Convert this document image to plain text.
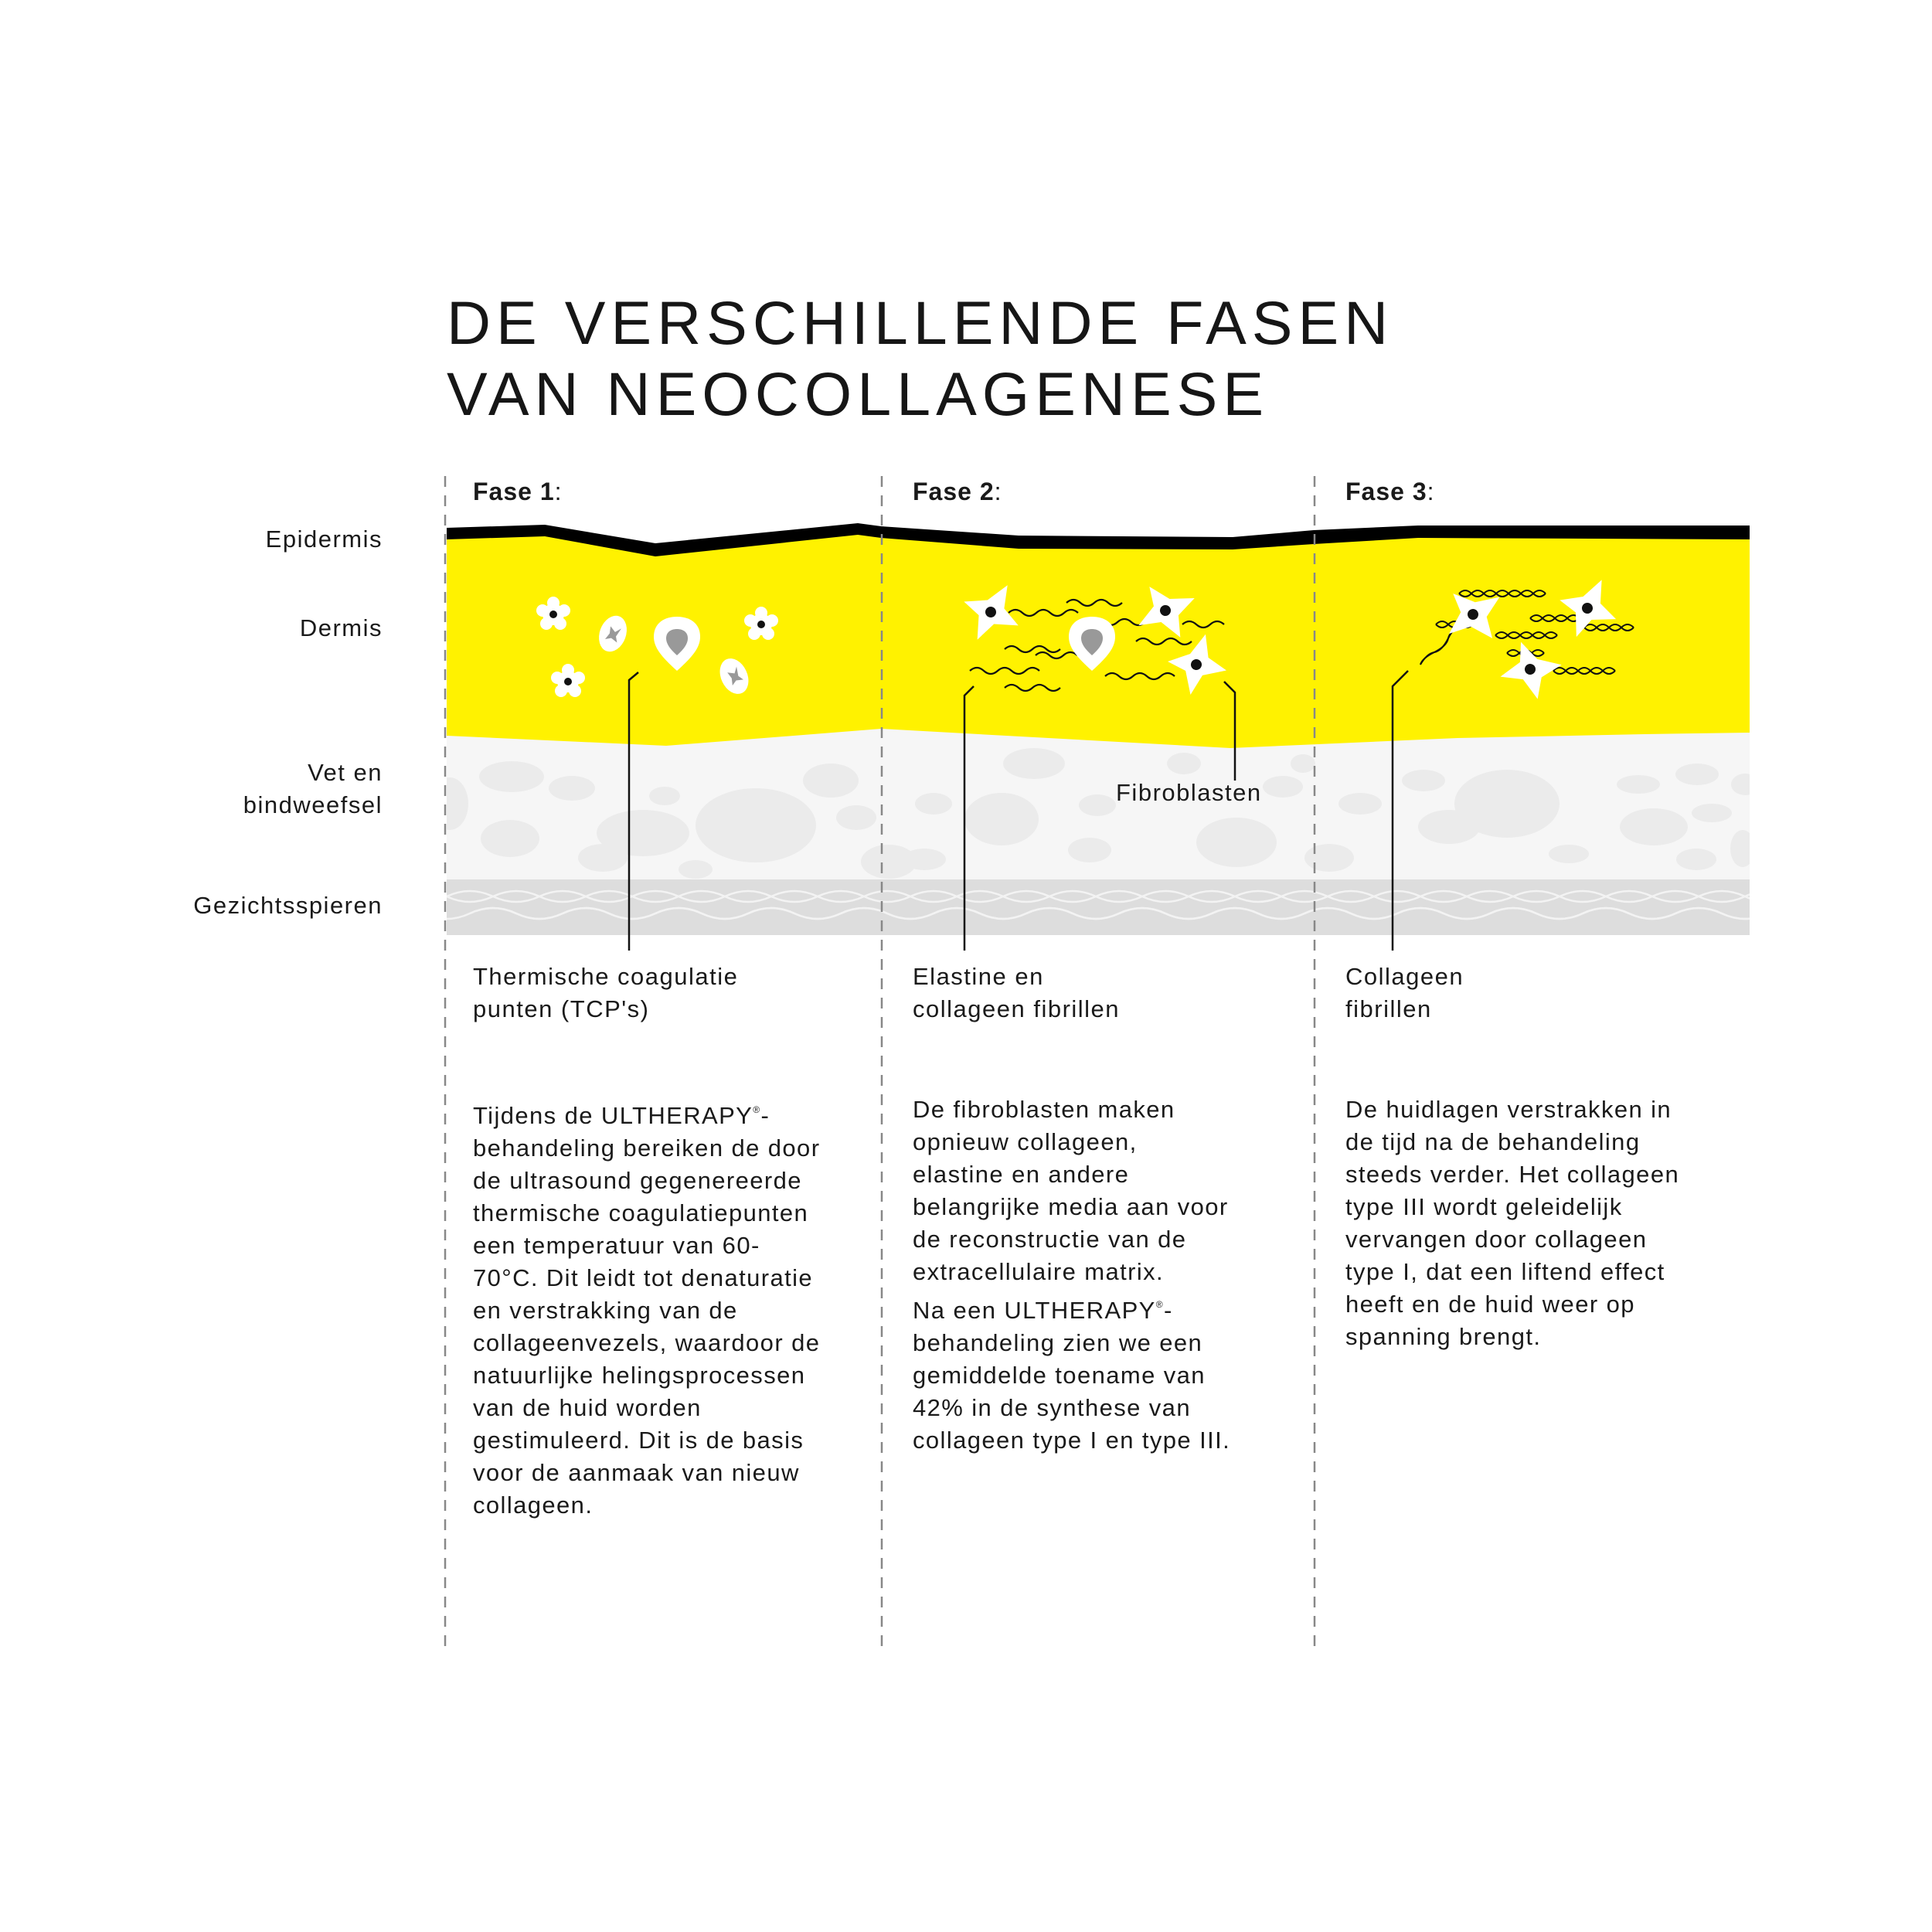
DE VERSCHILLENDE FASEN
VAN NEOCOLLAGENESE
Fase 1:	Fase 2:	Fase 3:
Epidermis
Dermis
Vet en
bindweefsel
Gezichtsspieren
Fibroblasten
Thermische coagulatie
punten (TCP's)
Elastine en
collageen fibrillen
Collageen
fibrillen
Tijdens de ULTHERAPY®-
behandeling bereiken de door
de ultrasound gegenereerde
thermische coagulatiepunten
een temperatuur van 60-
70°C. Dit leidt tot denaturatie
en verstrakking van de
collageenvezels, waardoor de
natuurlijke helingsprocessen
van de huid worden
gestimuleerd. Dit is de basis
voor de aanmaak van nieuw
collageen.
De fibroblasten maken
opnieuw collageen,
elastine en andere
belangrijke media aan voor
de reconstructie van de
extracellulaire matrix.
Na een ULTHERAPY®-
behandeling zien we een
gemiddelde toename van
42% in de synthese van
collageen type I en type III.
De huidlagen verstrakken in
de tijd na de behandeling
steeds verder. Het collageen
type III wordt geleidelijk
vervangen door collageen
type I, dat een liftend effect
heeft en de huid weer op
spanning brengt.
